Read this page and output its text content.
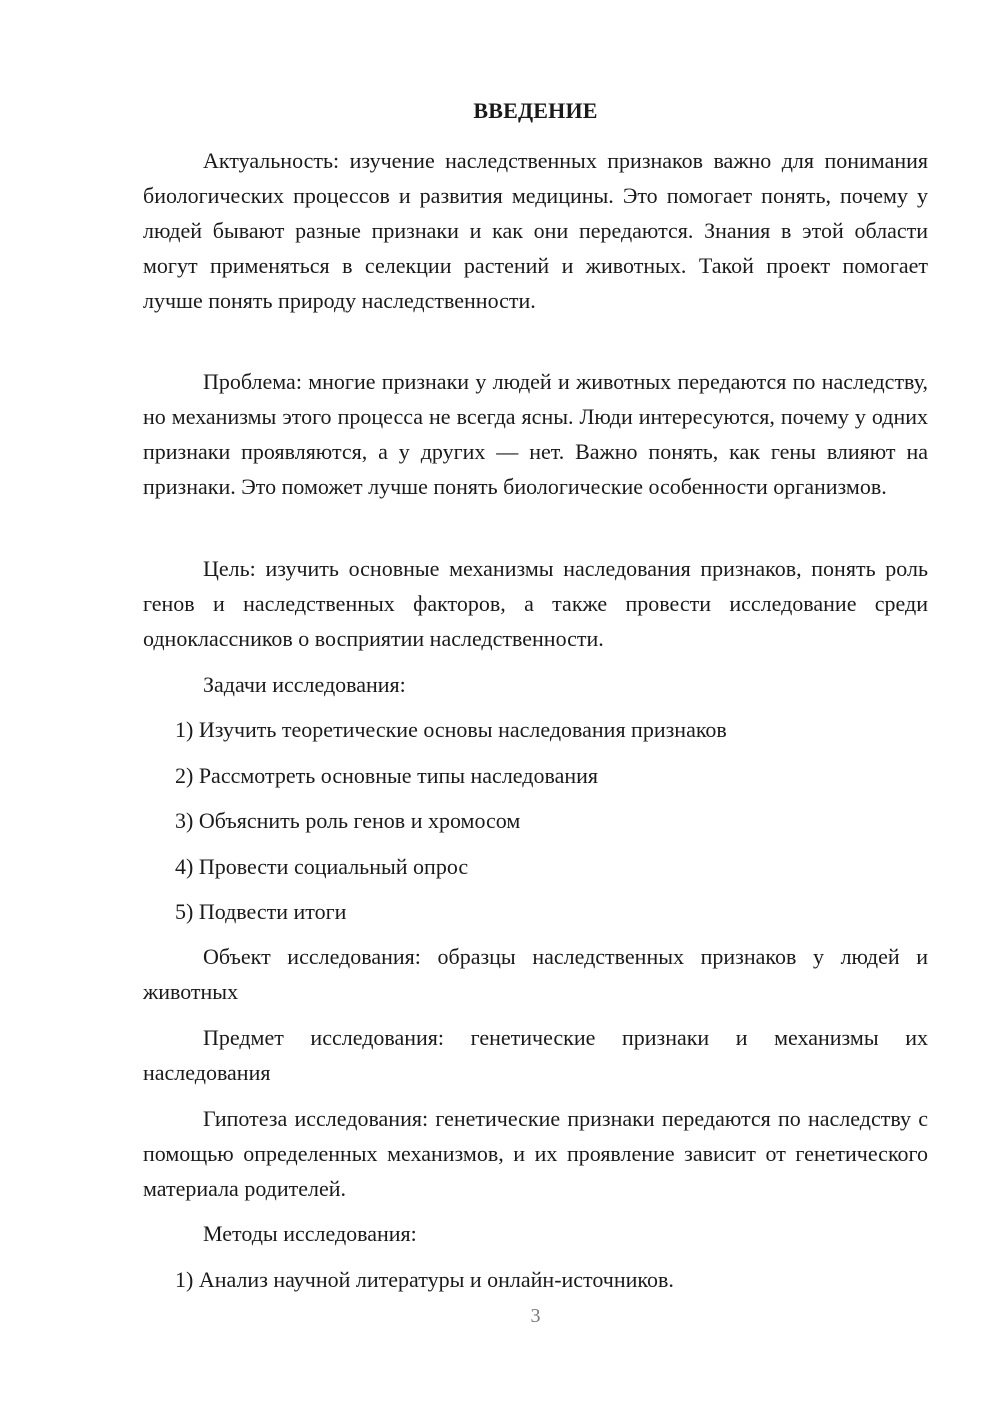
ВВЕДЕНИЕ

Актуальность: изучение наследственных признаков важно для понимания биологических процессов и развития медицины. Это помогает понять, почему у людей бывают разные признаки и как они передаются. Знания в этой области могут применяться в селекции растений и животных. Такой проект помогает лучше понять природу наследственности.

Проблема: многие признаки у людей и животных передаются по наследству, но механизмы этого процесса не всегда ясны. Люди интересуются, почему у одних признаки проявляются, а у других — нет. Важно понять, как гены влияют на признаки. Это поможет лучше понять биологические особенности организмов.

Цель: изучить основные механизмы наследования признаков, понять роль генов и наследственных факторов, а также провести исследование среди одноклассников о восприятии наследственности.

Задачи исследования:

1) Изучить теоретические основы наследования признаков

2) Рассмотреть основные типы наследования

3) Объяснить роль генов и хромосом

4) Провести социальный опрос

5) Подвести итоги

Объект исследования: образцы наследственных признаков у людей и животных

Предмет исследования: генетические признаки и механизмы их наследования

Гипотеза исследования: генетические признаки передаются по наследству с помощью определенных механизмов, и их проявление зависит от генетического материала родителей.

Методы исследования:

1) Анализ научной литературы и онлайн-источников.

3
